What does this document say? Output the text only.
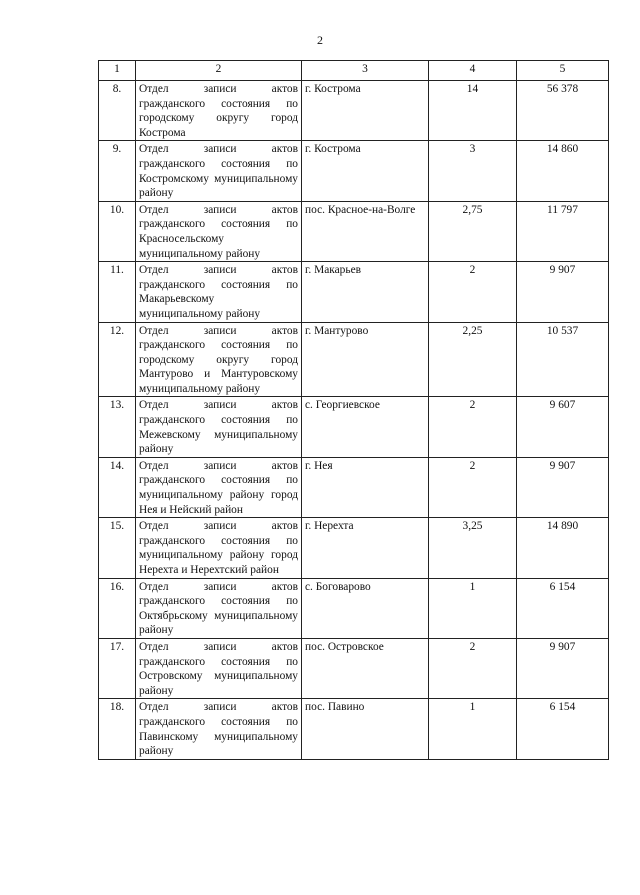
2
1	2	3	4	5
8.	Отдел записи актов гражданского состояния по городскому округу город Кострома	г. Кострома	14	56 378
9.	Отдел записи актов гражданского состояния по Костромскому муниципальному району	г. Кострома	3	14 860
10.	Отдел записи актов гражданского состояния по Красносельскому муниципальному району	пос. Красное-на-Волге	2,75	11 797
11.	Отдел записи актов гражданского состояния по Макарьевскому муниципальному району	г. Макарьев	2	9 907
12.	Отдел записи актов гражданского состояния по городскому округу город Мантурово и Мантуровскому муниципальному району	г. Мантурово	2,25	10 537
13.	Отдел записи актов гражданского состояния по Межевскому муниципальному району	с. Георгиевское	2	9 607
14.	Отдел записи актов гражданского состояния по муниципальному району город Нея и Нейский район	г. Нея	2	9 907
15.	Отдел записи актов гражданского состояния по муниципальному району город Нерехта и Нерехтский район	г. Нерехта	3,25	14 890
16.	Отдел записи актов гражданского состояния по Октябрьскому муниципальному району	с. Боговарово	1	6 154
17.	Отдел записи актов гражданского состояния по Островскому муниципальному району	пос. Островское	2	9 907
18.	Отдел записи актов гражданского состояния по Павинскому муниципальному району	пос. Павино	1	6 154
